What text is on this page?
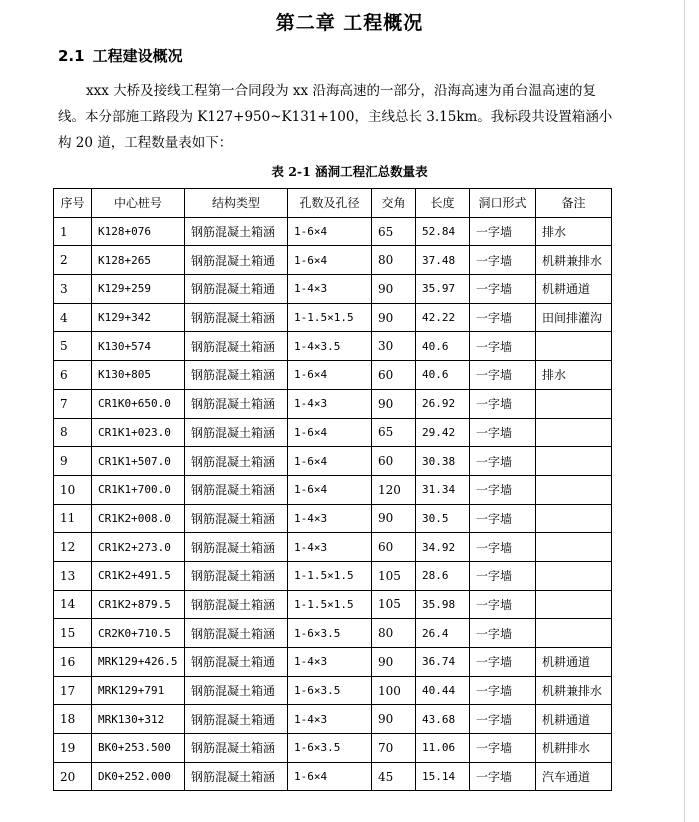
第二章 工程概况
2.1 工程建设概况
xxx 大桥及接线工程第一合同段为 xx 沿海高速的一部分，沿海高速为甬台温高速的复线。本分部施工路段为 K127+950~K131+100，主线总长 3.15km。我标段共设置箱涵小构 20 道，工程数量表如下：
表 2-1 涵洞工程汇总数量表
序号	中心桩号	结构类型	孔数及孔径	交角	长度	洞口形式	备注
1	K128+076	钢筋混凝土箱涵	1-6×4	65	52.84	一字墙	排水
2	K128+265	钢筋混凝土箱通	1-6×4	80	37.48	一字墙	机耕兼排水
3	K129+259	钢筋混凝土箱通	1-4×3	90	35.97	一字墙	机耕通道
4	K129+342	钢筋混凝土箱涵	1-1.5×1.5	90	42.22	一字墙	田间排灌沟
5	K130+574	钢筋混凝土箱涵	1-4×3.5	30	40.6	一字墙	
6	K130+805	钢筋混凝土箱涵	1-6×4	60	40.6	一字墙	排水
7	CR1K0+650.0	钢筋混凝土箱涵	1-4×3	90	26.92	一字墙	
8	CR1K1+023.0	钢筋混凝土箱涵	1-6×4	65	29.42	一字墙	
9	CR1K1+507.0	钢筋混凝土箱涵	1-6×4	60	30.38	一字墙	
10	CR1K1+700.0	钢筋混凝土箱涵	1-6×4	120	31.34	一字墙	
11	CR1K2+008.0	钢筋混凝土箱涵	1-4×3	90	30.5	一字墙	
12	CR1K2+273.0	钢筋混凝土箱涵	1-4×3	60	34.92	一字墙	
13	CR1K2+491.5	钢筋混凝土箱涵	1-1.5×1.5	105	28.6	一字墙	
14	CR1K2+879.5	钢筋混凝土箱涵	1-1.5×1.5	105	35.98	一字墙	
15	CR2K0+710.5	钢筋混凝土箱涵	1-6×3.5	80	26.4	一字墙	
16	MRK129+426.5	钢筋混凝土箱通	1-4×3	90	36.74	一字墙	机耕通道
17	MRK129+791	钢筋混凝土箱通	1-6×3.5	100	40.44	一字墙	机耕兼排水
18	MRK130+312	钢筋混凝土箱通	1-4×3	90	43.68	一字墙	机耕通道
19	BK0+253.500	钢筋混凝土箱涵	1-6×3.5	70	11.06	一字墙	机耕排水
20	DK0+252.000	钢筋混凝土箱涵	1-6×4	45	15.14	一字墙	汽车通道
